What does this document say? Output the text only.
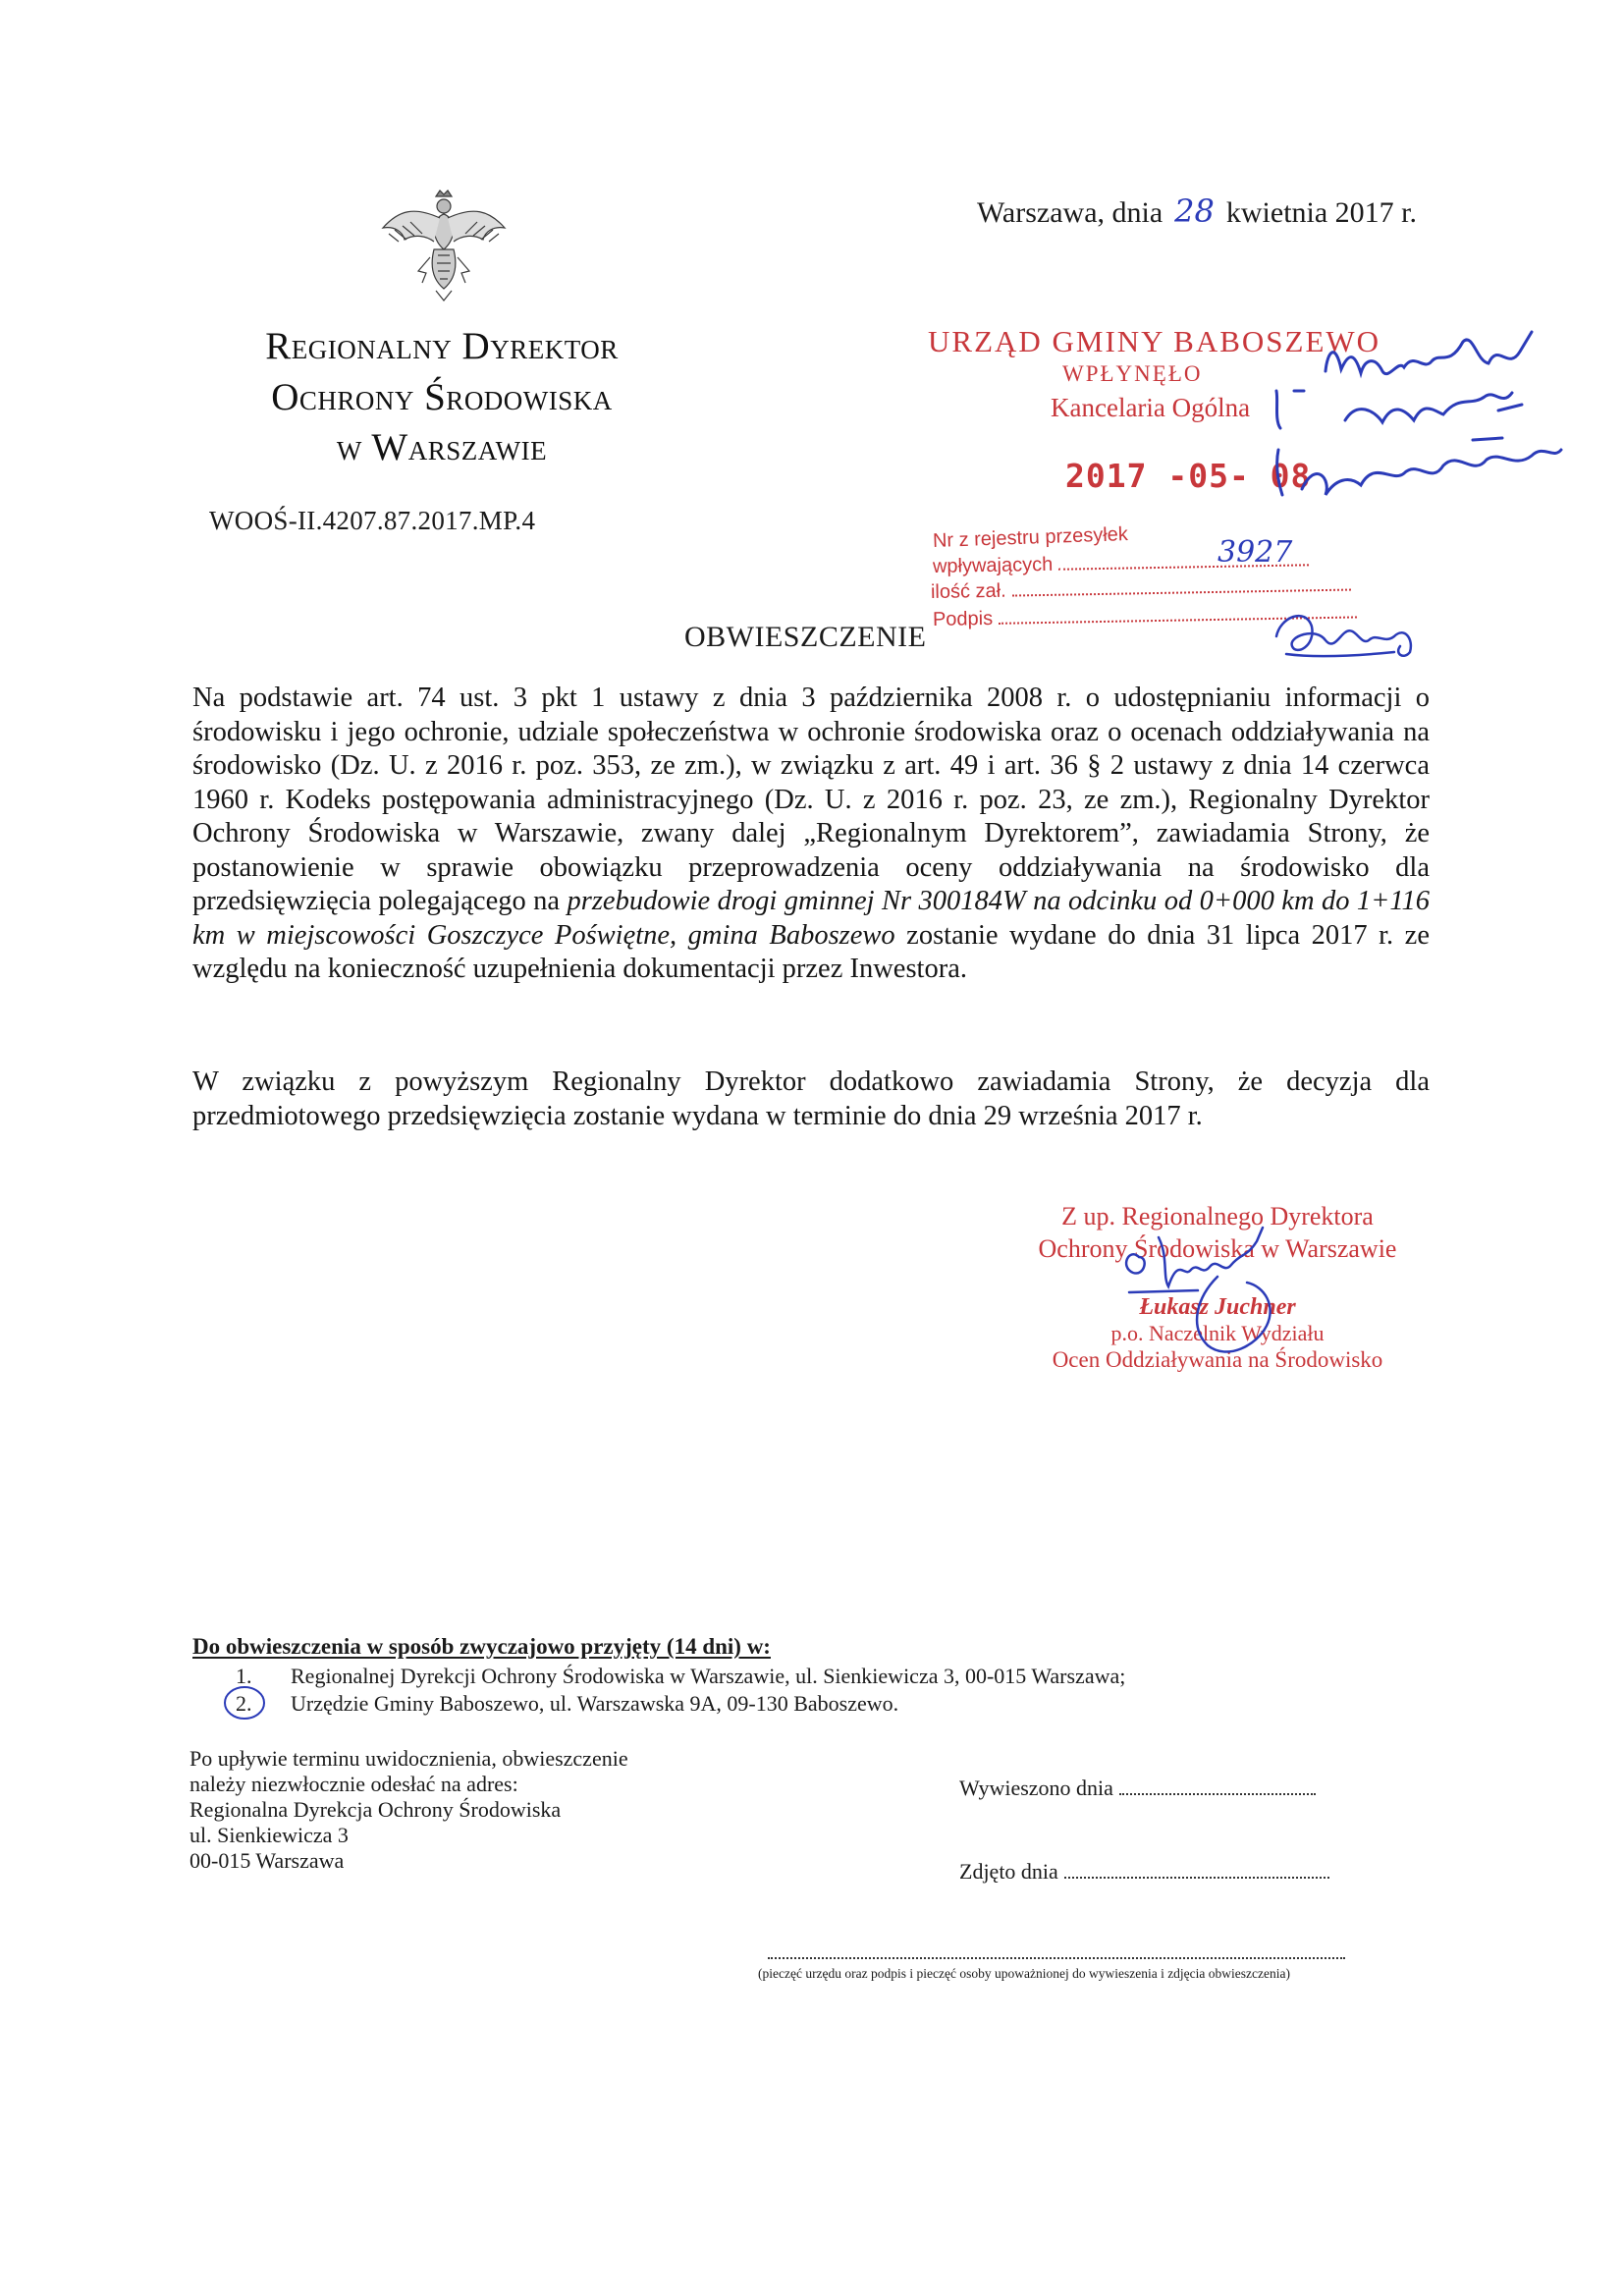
Regionalny Dyrektor
Ochrony Środowiska
w Warszawie
WOOŚ-II.4207.87.2017.MP.4
Warszawa, dnia 28 kwietnia 2017 r.
URZĄD GMINY BABOSZEWO
WPŁYNĘŁO
Kancelaria Ogólna
2017 -05- 08
Nr z rejestru przesyłek
wpływających
ilość zał.
Podpis
3927
OBWIESZCZENIE
Na podstawie art. 74 ust. 3 pkt 1 ustawy z dnia 3 października 2008 r. o udostępnianiu informacji o środowisku i jego ochronie, udziale społeczeństwa w ochronie środowiska oraz o ocenach oddziaływania na środowisko (Dz. U. z 2016 r. poz. 353, ze zm.), w związku z art. 49 i art. 36 § 2 ustawy z dnia 14 czerwca 1960 r. Kodeks postępowania administracyjnego (Dz. U. z 2016 r. poz. 23, ze zm.), Regionalny Dyrektor Ochrony Środowiska w Warszawie, zwany dalej „Regionalnym Dyrektorem”, zawiadamia Strony, że postanowienie w sprawie obowiązku przeprowadzenia oceny oddziaływania na środowisko dla przedsięwzięcia polegającego na przebudowie drogi gminnej Nr 300184W na odcinku od 0+000 km do 1+116 km w miejscowości Goszczyce Poświętne, gmina Baboszewo zostanie wydane do dnia 31 lipca 2017 r. ze względu na konieczność uzupełnienia dokumentacji przez Inwestora.
W związku z powyższym Regionalny Dyrektor dodatkowo zawiadamia Strony, że decyzja dla przedmiotowego przedsięwzięcia zostanie wydana w terminie do dnia 29 września 2017 r.
Z up. Regionalnego Dyrektora
Ochrony Środowiska w Warszawie
Łukasz Juchner
p.o. Naczelnik Wydziału
Ocen Oddziaływania na Środowisko
Do obwieszczenia w sposób zwyczajowo przyjęty (14 dni) w:
1. Regionalnej Dyrekcji Ochrony Środowiska w Warszawie, ul. Sienkiewicza 3, 00-015 Warszawa;
2. Urzędzie Gminy Baboszewo, ul. Warszawska 9A, 09-130 Baboszewo.
Po upływie terminu uwidocznienia, obwieszczenie
należy niezwłocznie odesłać na adres:
Regionalna Dyrekcja Ochrony Środowiska
ul. Sienkiewicza 3
00-015 Warszawa
Wywieszono dnia
Zdjęto dnia
(pieczęć urzędu oraz podpis i pieczęć osoby upoważnionej do wywieszenia i zdjęcia obwieszczenia)
